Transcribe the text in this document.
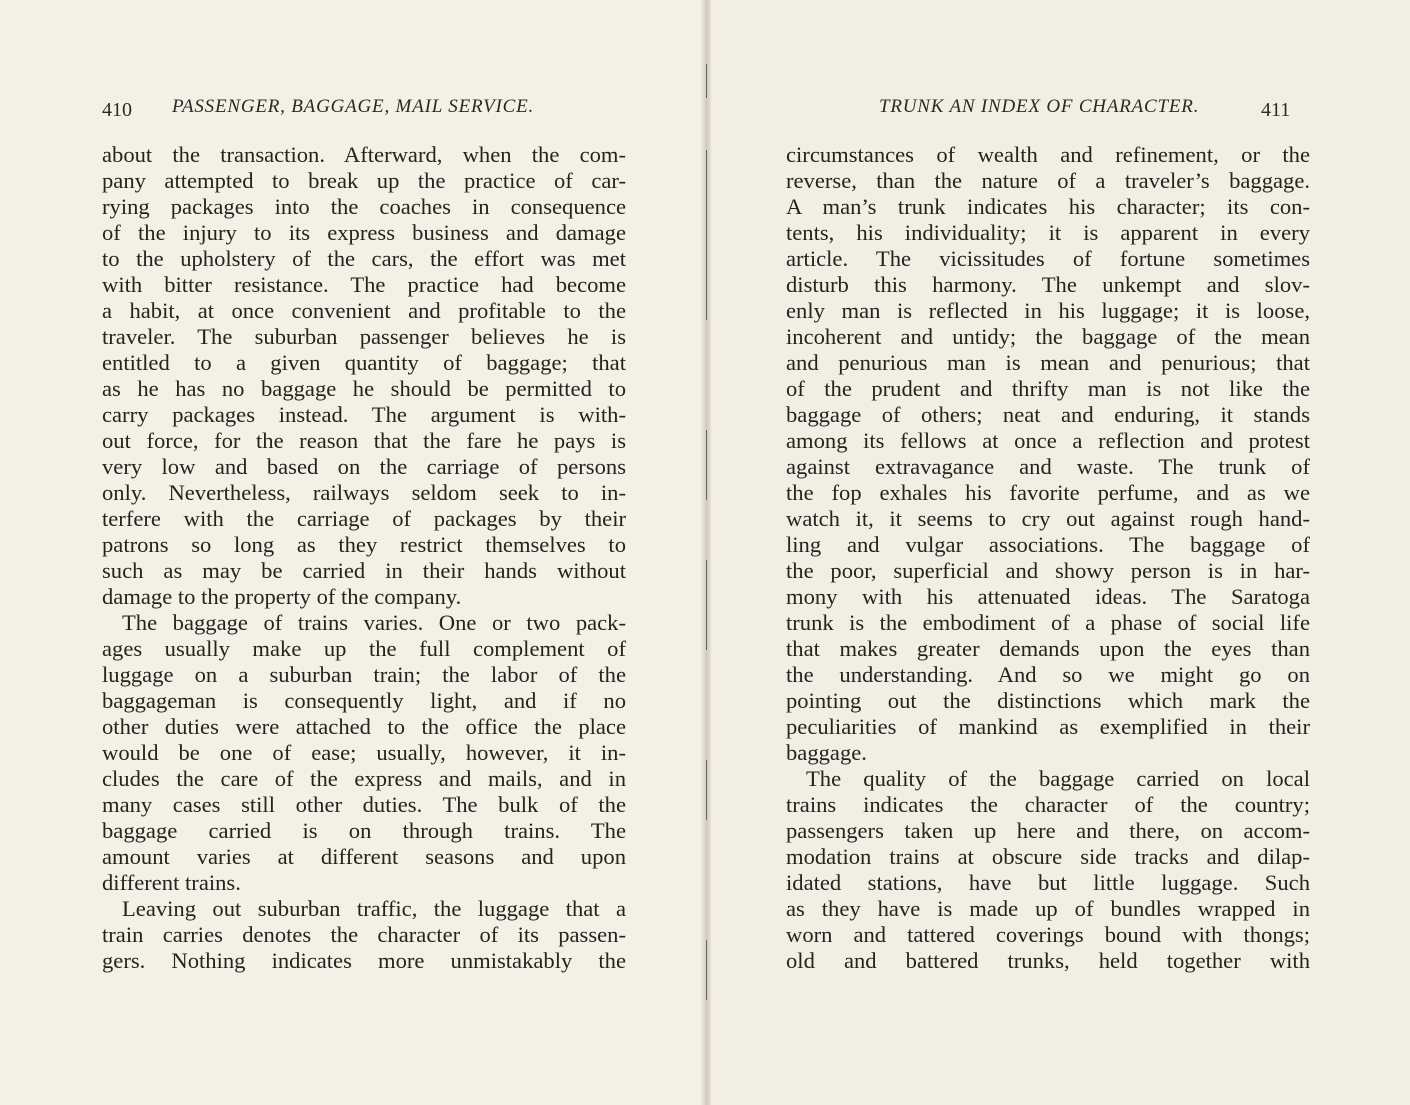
410 PASSENGER, BAGGAGE, MAIL SERVICE.
about the transaction. Afterward, when the com-
pany attempted to break up the practice of car-
rying packages into the coaches in consequence
of the injury to its express business and damage
to the upholstery of the cars, the effort was met
with bitter resistance. The practice had become
a habit, at once convenient and profitable to the
traveler. The suburban passenger believes he is
entitled to a given quantity of baggage; that
as he has no baggage he should be permitted to
carry packages instead. The argument is with-
out force, for the reason that the fare he pays is
very low and based on the carriage of persons
only. Nevertheless, railways seldom seek to in-
terfere with the carriage of packages by their
patrons so long as they restrict themselves to
such as may be carried in their hands without
damage to the property of the company.
The baggage of trains varies. One or two pack-
ages usually make up the full complement of
luggage on a suburban train; the labor of the
baggageman is consequently light, and if no
other duties were attached to the office the place
would be one of ease; usually, however, it in-
cludes the care of the express and mails, and in
many cases still other duties. The bulk of the
baggage carried is on through trains. The
amount varies at different seasons and upon
different trains.
Leaving out suburban traffic, the luggage that a
train carries denotes the character of its passen-
gers. Nothing indicates more unmistakably the
TRUNK AN INDEX OF CHARACTER.	411
circumstances of wealth and refinement, or the
reverse, than the nature of a traveler’s baggage.
A man’s trunk indicates his character; its con-
tents, his individuality; it is apparent in every
article. The vicissitudes of fortune sometimes
disturb this harmony. The unkempt and slov-
enly man is reflected in his luggage; it is loose,
incoherent and untidy; the baggage of the mean
and penurious man is mean and penurious; that
of the prudent and thrifty man is not like the
baggage of others; neat and enduring, it stands
among its fellows at once a reflection and protest
against extravagance and waste. The trunk of
the fop exhales his favorite perfume, and as we
watch it, it seems to cry out against rough hand-
ling and vulgar associations. The baggage of
the poor, superficial and showy person is in har-
mony with his attenuated ideas. The Saratoga
trunk is the embodiment of a phase of social life
that makes greater demands upon the eyes than
the understanding. And so we might go on
pointing out the distinctions which mark the
peculiarities of mankind as exemplified in their
baggage.
The quality of the baggage carried on local
trains indicates the character of the country;
passengers taken up here and there, on accom-
modation trains at obscure side tracks and dilap-
idated stations, have but little luggage. Such
as they have is made up of bundles wrapped in
worn and tattered coverings bound with thongs;
old and battered trunks, held together with
